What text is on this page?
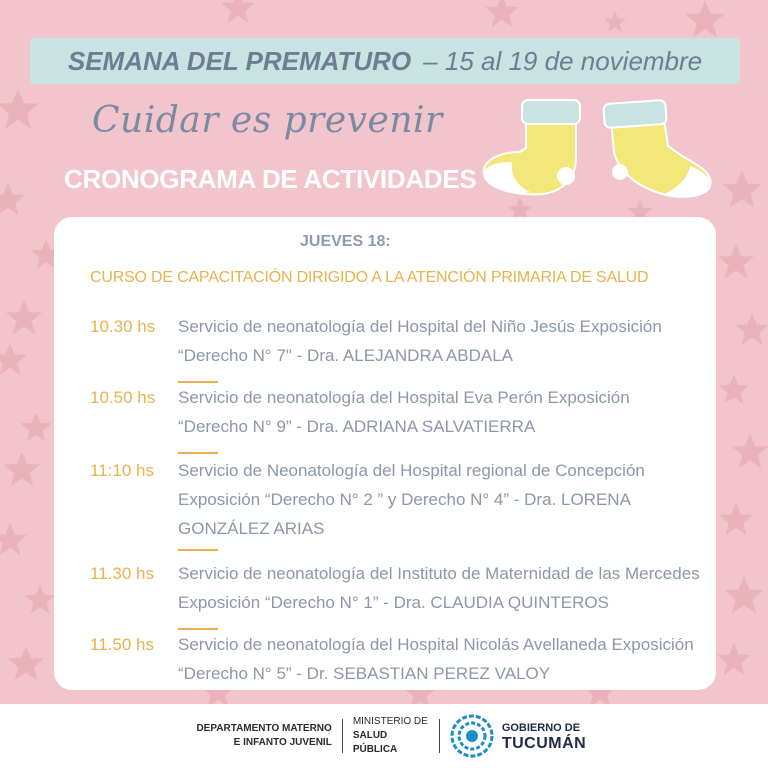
SEMANA DEL PREMATURO – 15 al 19 de noviembre
Cuidar es prevenir
CRONOGRAMA DE ACTIVIDADES
JUEVES 18:
CURSO DE CAPACITACIÓN DIRIGIDO A LA ATENCIÓN PRIMARIA DE SALUD
10.30 hs Servicio de neonatología del Hospital del Niño Jesús Exposición “Derecho N° 7" - Dra. ALEJANDRA ABDALA
10.50 hs Servicio de neonatología del Hospital Eva Perón Exposición “Derecho N° 9” - Dra. ADRIANA SALVATIERRA
11:10 hs Servicio de Neonatología del Hospital regional de Concepción Exposición “Derecho N° 2 ” y Derecho N° 4” - Dra. LORENA GONZÁLEZ ARIAS
11.30 hs Servicio de neonatología del Instituto de Maternidad de las Mercedes Exposición “Derecho N° 1” - Dra. CLAUDIA QUINTEROS
11.50 hs Servicio de neonatología del Hospital Nicolás Avellaneda Exposición “Derecho N° 5” - Dr. SEBASTIAN PEREZ VALOY
DEPARTAMENTO MATERNO
E INFANTO JUVENIL
MINISTERIO DE
SALUD PÚBLICA
GOBIERNO DE
TUCUMÁN
